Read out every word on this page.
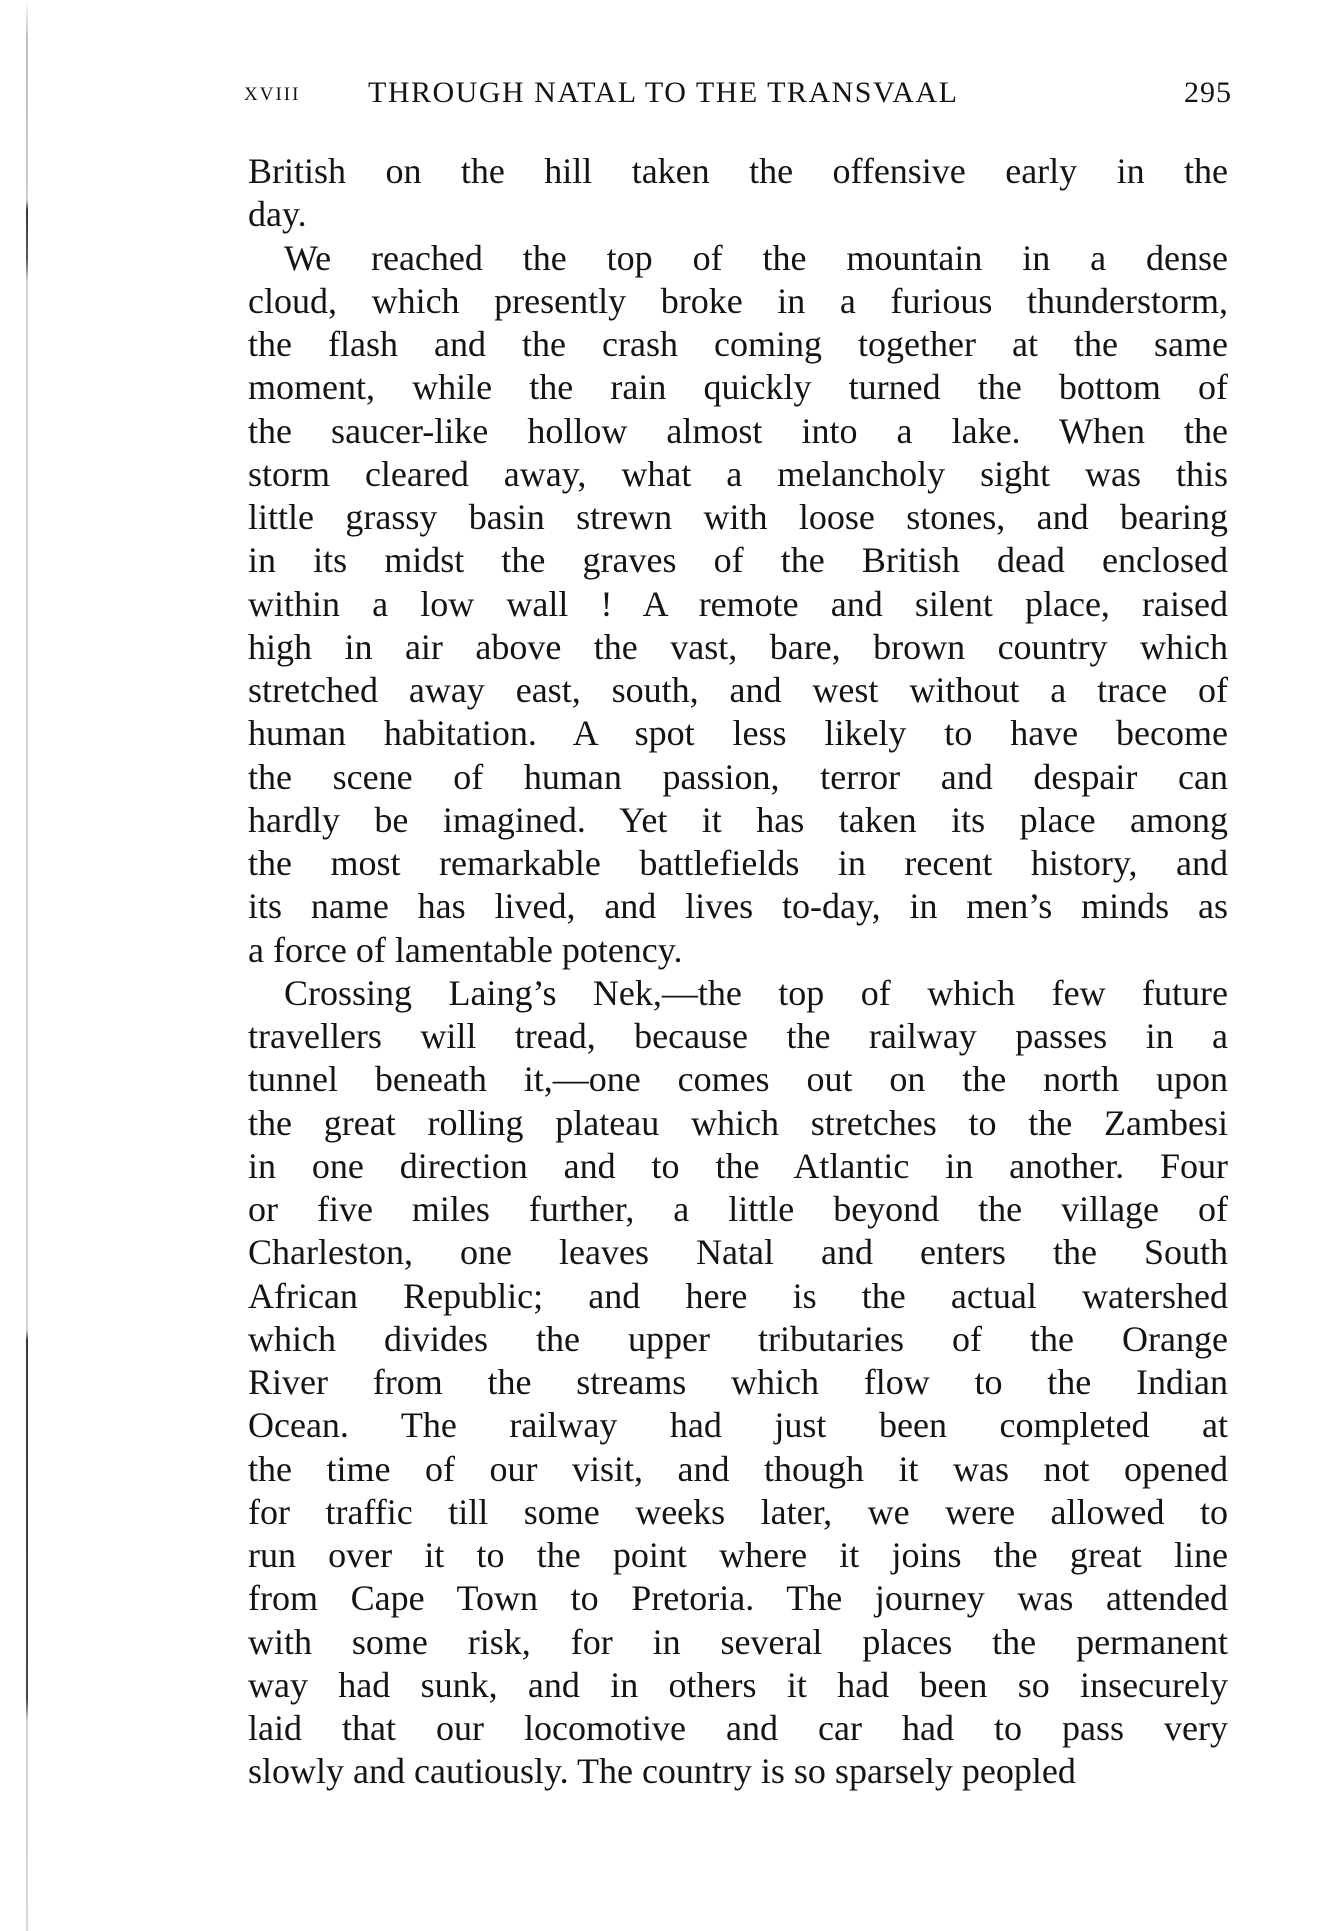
xviii THROUGH NATAL TO THE TRANSVAAL	295
British on the hill taken the offensive early in the
day.
We reached the top of the mountain in a dense
cloud, which presently broke in a furious thunderstorm,
the flash and the crash coming together at the same
moment, while the rain quickly turned the bottom of
the saucer-like hollow almost into a lake. When the
storm cleared away, what a melancholy sight was this
little grassy basin strewn with loose stones, and bearing
in its midst the graves of the British dead enclosed
within a low wall ! A remote and silent place, raised
high in air above the vast, bare, brown country which
stretched away east, south, and west without a trace of
human habitation. A spot less likely to have become
the scene of human passion, terror and despair can
hardly be imagined. Yet it has taken its place among
the most remarkable battlefields in recent history, and
its name has lived, and lives to-day, in men’s minds as
a force of lamentable potency.
Crossing Laing’s Nek,—the top of which few future
travellers will tread, because the railway passes in a
tunnel beneath it,—one comes out on the north upon
the great rolling plateau which stretches to the Zambesi
in one direction and to the Atlantic in another. Four
or five miles further, a little beyond the village of
Charleston, one leaves Natal and enters the South
African Republic; and here is the actual watershed
which divides the upper tributaries of the Orange
River from the streams which flow to the Indian
Ocean. The railway had just been completed at
the time of our visit, and though it was not opened
for traffic till some weeks later, we were allowed to
run over it to the point where it joins the great line
from Cape Town to Pretoria. The journey was attended
with some risk, for in several places the permanent
way had sunk, and in others it had been so insecurely
laid that our locomotive and car had to pass very
slowly and cautiously. The country is so sparsely peopled
